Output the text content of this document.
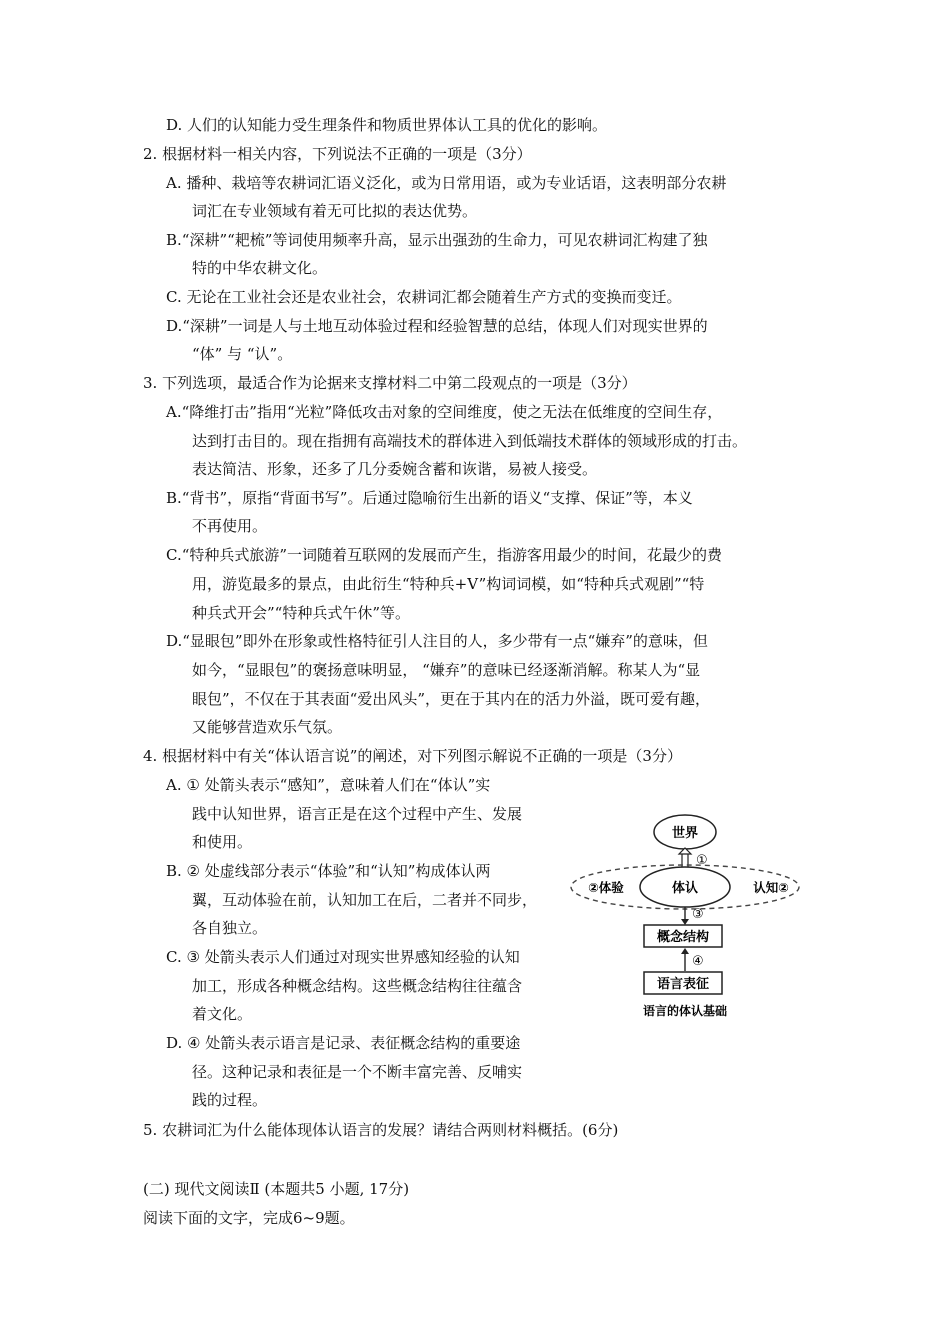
D. 人们的认知能力受生理条件和物质世界体认工具的优化的影响。
2. 根据材料一相关内容，下列说法不正确的一项是（3分）
A. 播种、栽培等农耕词汇语义泛化，或为日常用语，或为专业话语，这表明部分农耕
词汇在专业领域有着无可比拟的表达优势。
B.“深耕”“耙梳”等词使用频率升高，显示出强劲的生命力，可见农耕词汇构建了独
特的中华农耕文化。
C. 无论在工业社会还是农业社会，农耕词汇都会随着生产方式的变换而变迁。
D.“深耕”一词是人与土地互动体验过程和经验智慧的总结，体现人们对现实世界的
“体” 与 “认”。
3. 下列选项，最适合作为论据来支撑材料二中第二段观点的一项是（3分）
A.“降维打击”指用“光粒”降低攻击对象的空间维度，使之无法在低维度的空间生存，
达到打击目的。现在指拥有高端技术的群体进入到低端技术群体的领域形成的打击。
表达简洁、形象，还多了几分委婉含蓄和诙谐，易被人接受。
B.“背书”，原指“背面书写”。后通过隐喻衍生出新的语义“支撑、保证”等，本义
不再使用。
C.“特种兵式旅游”一词随着互联网的发展而产生，指游客用最少的时间，花最少的费
用，游览最多的景点，由此衍生“特种兵+V”构词词模，如“特种兵式观剧”“特
种兵式开会”“特种兵式午休”等。
D.“显眼包”即外在形象或性格特征引人注目的人，多少带有一点“嫌弃”的意味，但
如今，“显眼包”的褒扬意味明显， “嫌弃”的意味已经逐渐消解。称某人为“显
眼包”，不仅在于其表面“爱出风头”，更在于其内在的活力外溢，既可爱有趣，
又能够营造欢乐气氛。
4. 根据材料中有关“体认语言说”的阐述，对下列图示解说不正确的一项是（3分）
A. ① 处箭头表示“感知”，意味着人们在“体认”实
践中认知世界，语言正是在这个过程中产生、发展
和使用。
B. ② 处虚线部分表示“体验”和“认知”构成体认两
翼，互动体验在前，认知加工在后，二者并不同步，
各自独立。
C. ③ 处箭头表示人们通过对现实世界感知经验的认知
加工，形成各种概念结构。这些概念结构往往蕴含
着文化。
D. ④ 处箭头表示语言是记录、表征概念结构的重要途
径。这种记录和表征是一个不断丰富完善、反哺实
践的过程。
5. 农耕词汇为什么能体现体认语言的发展？请结合两则材料概括。(6分)
(二) 现代文阅读Ⅱ (本题共5 小题, 17分)
阅读下面的文字，完成6~9题。
世界
①
体认
②体验	认知②
③
概念结构
④
语言表征
语言的体认基础
